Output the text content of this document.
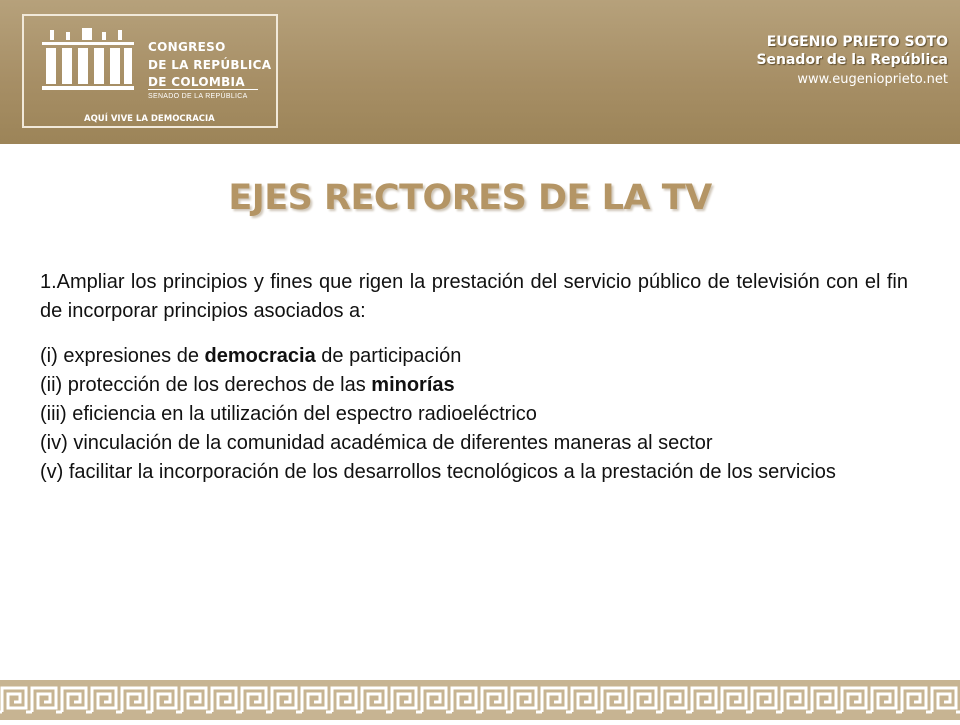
CONGRESO
DE LA REPÚBLICA
DE COLOMBIA
SENADO DE LA REPÚBLICA
AQUÍ VIVE LA DEMOCRACIA
EUGENIO PRIETO SOTO
Senador de la República
www.eugenioprieto.net
EJES RECTORES DE LA TV

1.Ampliar los principios y fines que rigen la prestación del servicio público de televisión con el fin de incorporar principios asociados a:

(i) expresiones de democracia de participación

(ii) protección de los derechos de las minorías

(iii) eficiencia en la utilización del espectro radioeléctrico

(iv) vinculación de la comunidad académica de diferentes maneras al sector

(v) facilitar la incorporación de los desarrollos tecnológicos a la prestación de los servicios
